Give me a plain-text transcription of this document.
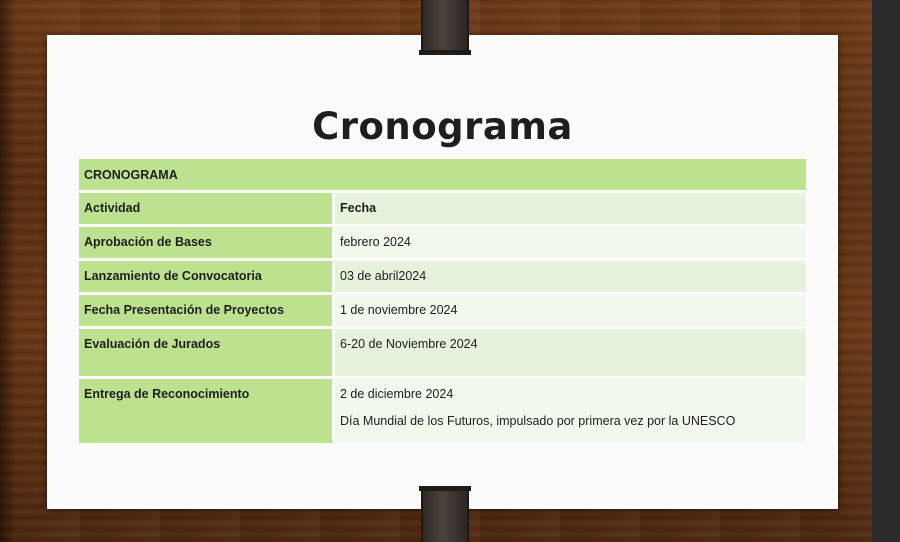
Cronograma
CRONOGRAMA
Actividad	Fecha
Aprobación de Bases	febrero 2024
Lanzamiento de Convocatoria	03 de abril2024
Fecha Presentación de Proyectos	1 de noviembre 2024
Evaluación de Jurados	6-20 de Noviembre 2024
Entrega de Reconocimiento	2 de diciembre 2024
Día Mundial de los Futuros, impulsado por primera vez por la UNESCO
